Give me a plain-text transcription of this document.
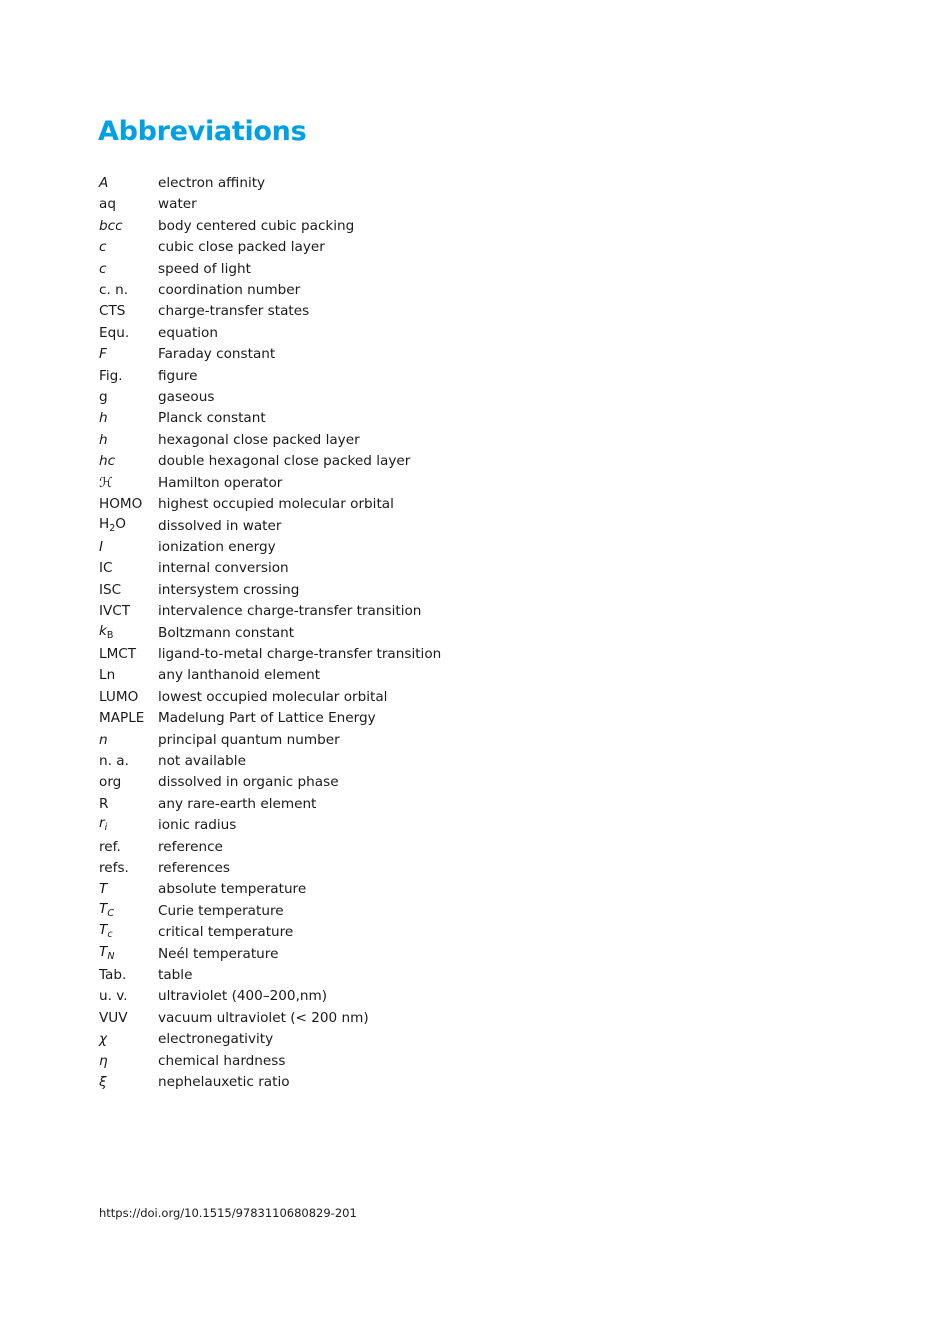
Abbreviations
A	electron affinity
aq	water
bcc	body centered cubic packing
c	cubic close packed layer
c	speed of light
c. n.	coordination number
CTS	charge-transfer states
Equ.	equation
F	Faraday constant
Fig.	figure
g	gaseous
h	Planck constant
h	hexagonal close packed layer
hc	double hexagonal close packed layer
ℋ	Hamilton operator
HOMO	highest occupied molecular orbital
$H_2O$	dissolved in water
I	ionization energy
IC	internal conversion
ISC	intersystem crossing
IVCT	intervalence charge-transfer transition
$k_B$	Boltzmann constant
LMCT	ligand-to-metal charge-transfer transition
Ln	any lanthanoid element
LUMO	lowest occupied molecular orbital
MAPLE	Madelung Part of Lattice Energy
n	principal quantum number
n. a.	not available
org	dissolved in organic phase
R	any rare-earth element
$r_i$	ionic radius
ref.	reference
refs.	references
T	absolute temperature
$T_C$	Curie temperature
$T_c$	critical temperature
$T_N$	Neél temperature
Tab.	table
u. v.	ultraviolet (400–200,nm)
VUV	vacuum ultraviolet (< 200 nm)
χ	electronegativity
η	chemical hardness
ξ	nephelauxetic ratio
https://doi.org/10.1515/9783110680829-201
